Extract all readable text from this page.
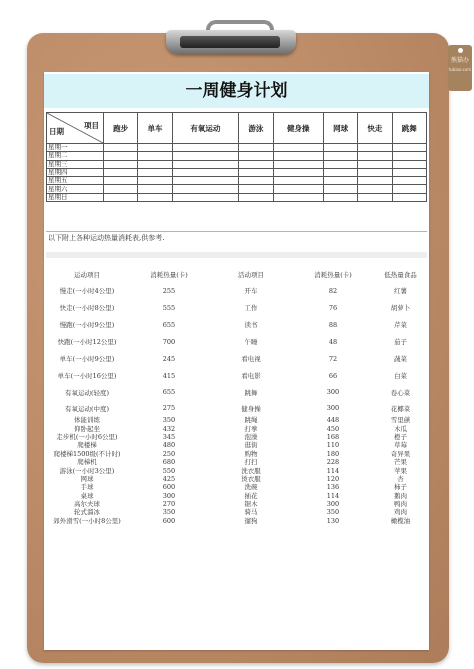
熊猫办
tubiao.com
一周健身计划
项目
日期	跑步	单车	有氧运动	游泳	健身操	网球	快走	跳舞
星期一								
星期二								
星期三								
星期四								
星期五								
星期六								
星期日								
以下附上各种运动热量消耗表,供参考.
运动项目	消耗热量(卡)	活动项目	消耗热量(卡)	低热量食品
慢走(一小时4公里)	255	开车	82	红薯
快走(一小时8公里)	555	工作	76	胡萝卜
慢跑(一小时9公里)	655	读书	88	芹菜
快跑(一小时12公里)	700	午睡	48	茄子
单车(一小时9公里)	245	看电视	72	蔬菜
单车(一小时16公里)	415	看电影	66	白菜
有氧运动(轻度)	655	跳舞	300	卷心菜
有氧运动(中度)	275	健身操	300	花椰菜
体能训练	350	跳绳	448	雪里蕻
仰卧起坐	432	打拳	450	木瓜
走步机(一小时6公里)	345	泡澡	168	橙子
爬楼梯	480	逛街	110	草莓
爬楼梯1500级(不计时)	250	购物	180	奇异果
爬梯机	680	打扫	228	芒果
游泳(一小时3公里)	550	洗衣服	114	苹果
网球	425	烫衣服	120	杏
手球	600	洗碗	136	柿子
桌球	300	插花	114	鹅肉
高尔夫球	270	锯木	300	鸭肉
轮式溜冰	350	骑马	350	鸡肉
郊外滑雪(一小时8公里)	600	遛狗	130	橄榄油
